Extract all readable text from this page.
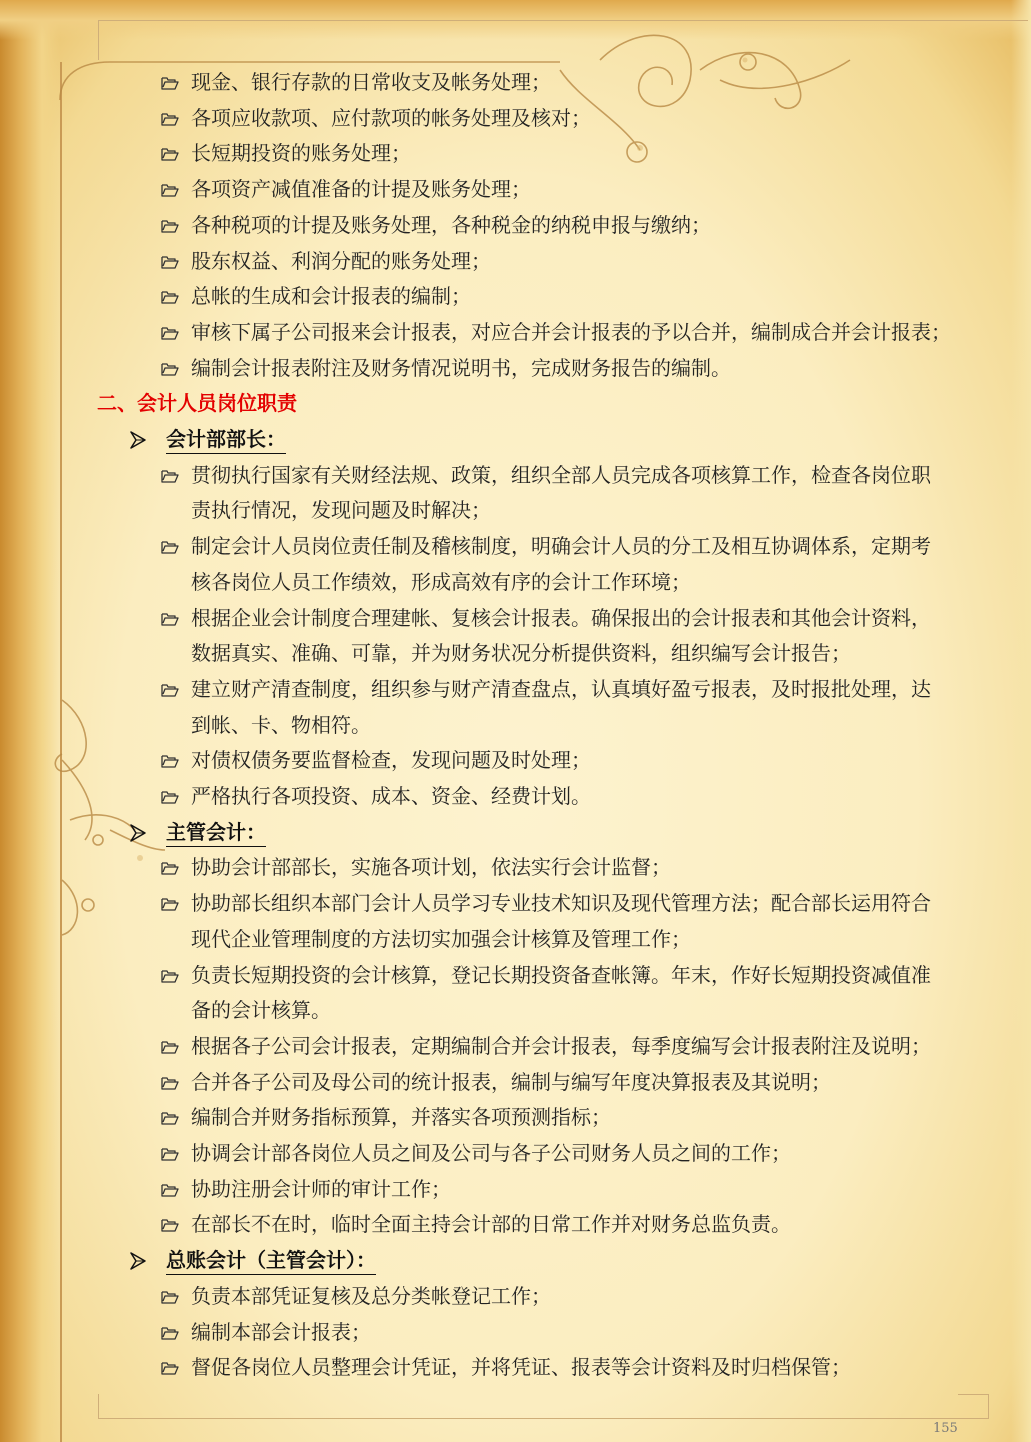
现金、银行存款的日常收支及帐务处理；
各项应收款项、应付款项的帐务处理及核对；
长短期投资的账务处理；
各项资产减值准备的计提及账务处理；
各种税项的计提及账务处理，各种税金的纳税申报与缴纳；
股东权益、利润分配的账务处理；
总帐的生成和会计报表的编制；
审核下属子公司报来会计报表，对应合并会计报表的予以合并，编制成合并会计报表；
编制会计报表附注及财务情况说明书，完成财务报告的编制。
二、会计人员岗位职责
会计部部长：
贯彻执行国家有关财经法规、政策，组织全部人员完成各项核算工作，检查各岗位职
责执行情况，发现问题及时解决；
制定会计人员岗位责任制及稽核制度，明确会计人员的分工及相互协调体系，定期考
核各岗位人员工作绩效，形成高效有序的会计工作环境；
根据企业会计制度合理建帐、复核会计报表。确保报出的会计报表和其他会计资料，
数据真实、准确、可靠，并为财务状况分析提供资料，组织编写会计报告；
建立财产清查制度，组织参与财产清查盘点，认真填好盈亏报表，及时报批处理，达
到帐、卡、物相符。
对债权债务要监督检查，发现问题及时处理；
严格执行各项投资、成本、资金、经费计划。
主管会计：
协助会计部部长，实施各项计划，依法实行会计监督；
协助部长组织本部门会计人员学习专业技术知识及现代管理方法；配合部长运用符合
现代企业管理制度的方法切实加强会计核算及管理工作；
负责长短期投资的会计核算，登记长期投资备查帐簿。年末，作好长短期投资减值准
备的会计核算。
根据各子公司会计报表，定期编制合并会计报表，每季度编写会计报表附注及说明；
合并各子公司及母公司的统计报表，编制与编写年度决算报表及其说明；
编制合并财务指标预算，并落实各项预测指标；
协调会计部各岗位人员之间及公司与各子公司财务人员之间的工作；
协助注册会计师的审计工作；
在部长不在时，临时全面主持会计部的日常工作并对财务总监负责。
总账会计（主管会计）：
负责本部凭证复核及总分类帐登记工作；
编制本部会计报表；
督促各岗位人员整理会计凭证，并将凭证、报表等会计资料及时归档保管；
155
